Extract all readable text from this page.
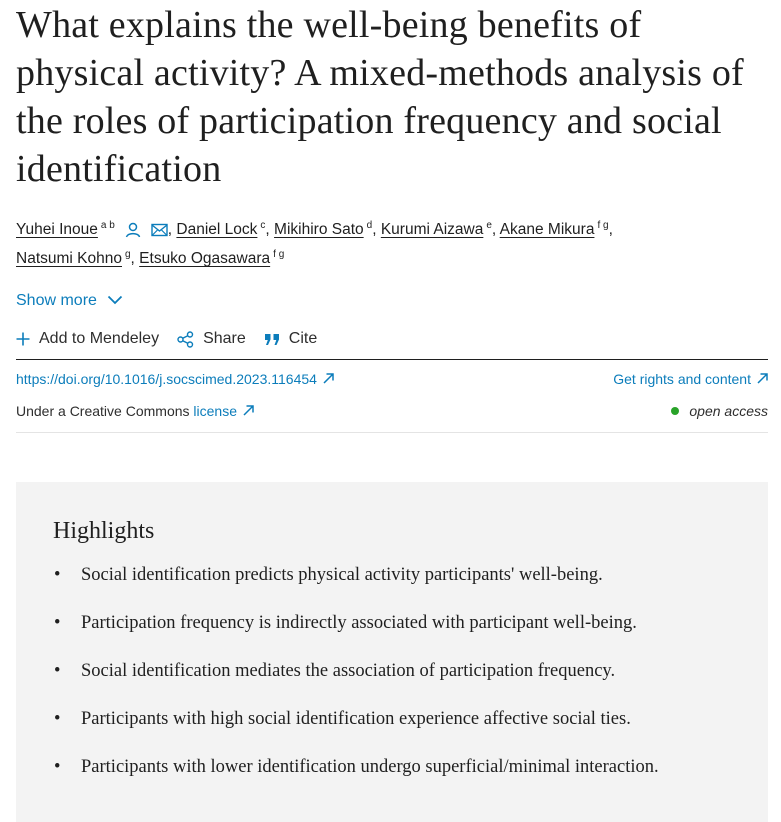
What explains the well-being benefits of physical activity? A mixed-methods analysis of the roles of participation frequency and social identification
Yuhei Inoue $^{a b}$	, Daniel Lock $^c$, Mikihiro Sato $^d$, Kurumi Aizawa $^e$, Akane Mikura $^{f g}$,
Natsumi Kohno $^g$, Etsuko Ogasawara $^{f g}$
Show more
Add to Mendeley	Share	Cite
https://doi.org/10.1016/j.socscimed.2023.116454	Get rights and content
Under a Creative Commons license	open access
Highlights
• Social identification predicts physical activity participants' well-being.
• Participation frequency is indirectly associated with participant well-being.
• Social identification mediates the association of participation frequency.
• Participants with high social identification experience affective social ties.
• Participants with lower identification undergo superficial/minimal interaction.
